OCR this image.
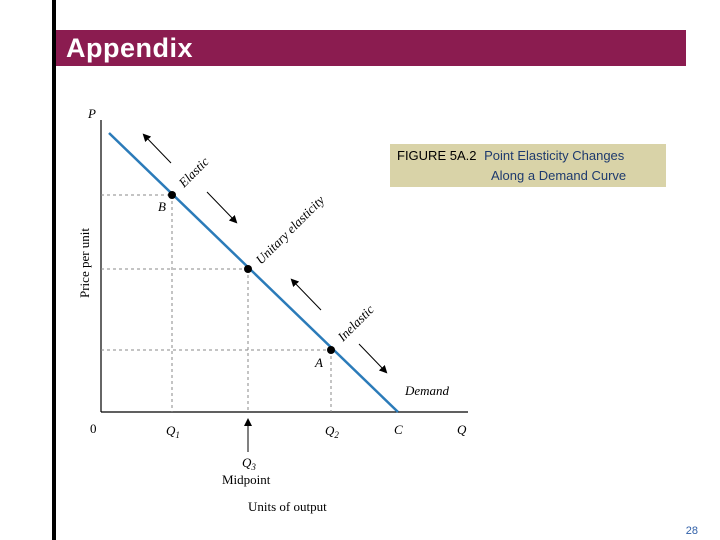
Appendix
FIGURE 5A.2 Point Elasticity Changes
Along a Demand Curve
P
Price per unit
0	Q
C
Demand
B
A
$Q_1$	$Q_2$
$Q_3$
Midpoint
Units of output
Elastic
Unitary elasticity
Inelastic
28
